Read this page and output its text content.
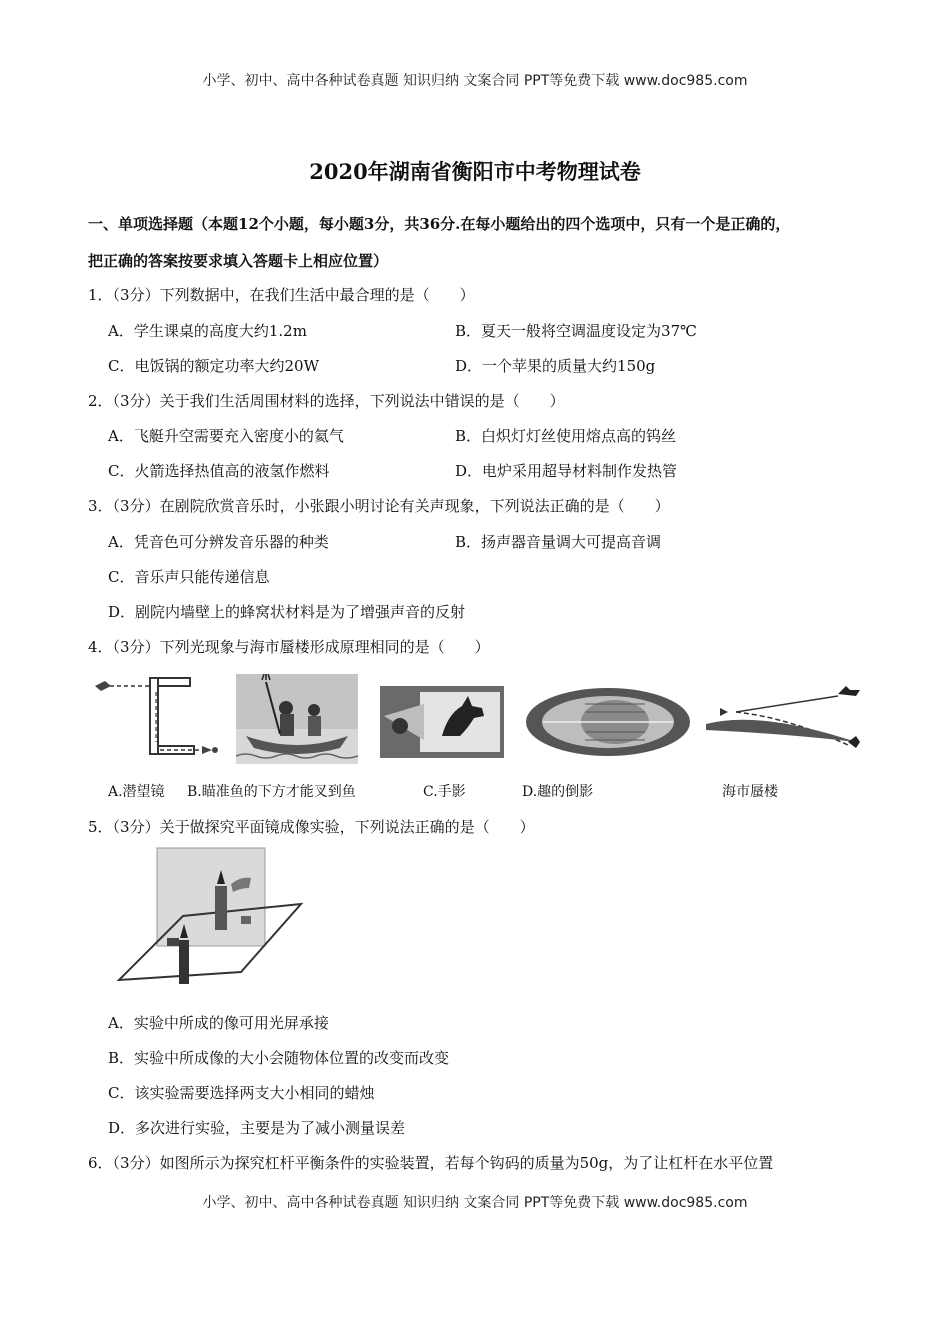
小学、初中、高中各种试卷真题 知识归纳 文案合同 PPT等免费下载 www.doc985.com
2020年湖南省衡阳市中考物理试卷
一、单项选择题（本题12个小题，每小题3分，共36分.在每小题给出的四个选项中，只有一个是正确的，
把正确的答案按要求填入答题卡上相应位置）
1．（3分）下列数据中，在我们生活中最合理的是（　　）
A．学生课桌的高度大约1.2m	B．夏天一般将空调温度设定为37℃
C．电饭锅的额定功率大约20W	D．一个苹果的质量大约150g
2．（3分）关于我们生活周围材料的选择，下列说法中错误的是（　　）
A．飞艇升空需要充入密度小的氦气	B．白炽灯灯丝使用熔点高的钨丝
C．火箭选择热值高的液氢作燃料	D．电炉采用超导材料制作发热管
3．（3分）在剧院欣赏音乐时，小张跟小明讨论有关声现象，下列说法正确的是（　　）
A．凭音色可分辨发音乐器的种类	B．扬声器音量调大可提高音调
C．音乐声只能传递信息
D．剧院内墙壁上的蜂窝状材料是为了增强声音的反射
4．（3分）下列光现象与海市蜃楼形成原理相同的是（　　）
A.潜望镜 B.瞄准鱼的下方才能叉到鱼	C.手影	D.趣的倒影	海市蜃楼
5．（3分）关于做探究平面镜成像实验，下列说法正确的是（　　）
A．实验中所成的像可用光屏承接
B．实验中所成像的大小会随物体位置的改变而改变
C．该实验需要选择两支大小相同的蜡烛
D．多次进行实验，主要是为了减小测量误差
6．（3分）如图所示为探究杠杆平衡条件的实验装置，若每个钩码的质量为50g，为了让杠杆在水平位置
小学、初中、高中各种试卷真题 知识归纳 文案合同 PPT等免费下载 www.doc985.com
